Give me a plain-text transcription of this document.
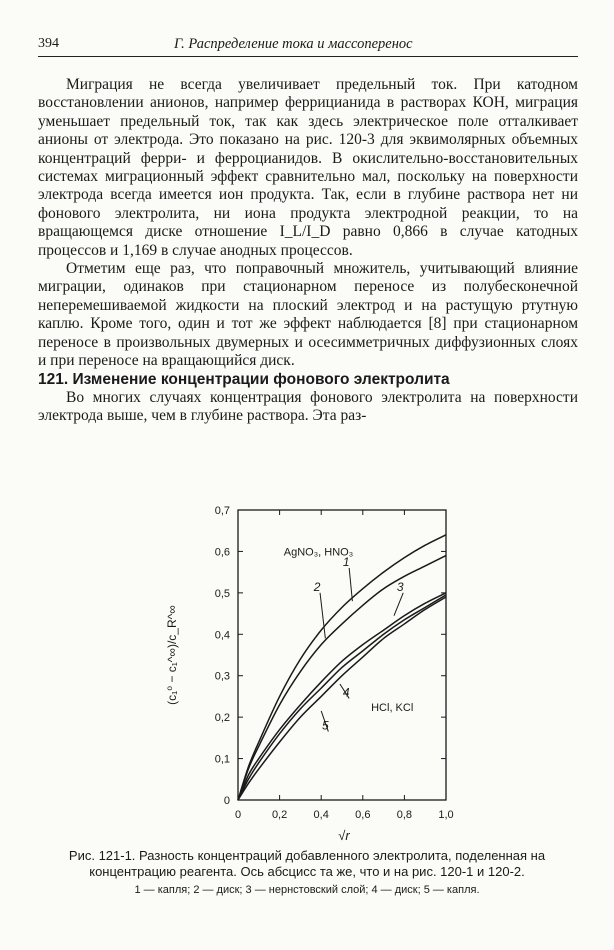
394	Г. Распределение тока и массоперенос

Миграция не всегда увеличивает предельный ток. При катодном восстановлении анионов, например феррицианида в растворах КОН, миграция уменьшает предельный ток, так как здесь электрическое поле отталкивает анионы от электрода. Это показано на рис. 120-3 для эквимолярных объемных концентраций ферри- и ферроцианидов. В окислительно-восстановительных системах миграционный эффект сравнительно мал, поскольку на поверхности электрода всегда имеется ион продукта. Так, если в глубине раствора нет ни фонового электролита, ни иона продукта электродной реакции, то на вращающемся диске отношение I_L/I_D равно 0,866 в случае катодных процессов и 1,169 в случае анодных процессов.

Отметим еще раз, что поправочный множитель, учитывающий влияние миграции, одинаков при стационарном переносе из полубесконечной неперемешиваемой жидкости на плоский электрод и на растущую ртутную каплю. Кроме того, один и тот же эффект наблюдается [8] при стационарном переносе в произвольных двумерных и осесимметричных диффузионных слоях и при переносе на вращающийся диск.

121. Изменение концентрации фонового электролита

Во многих случаях концентрация фонового электролита на поверхности электрода выше, чем в глубине раствора. Эта раз-

0
0,1
0,2
0,3
0,4
0,5
0,6
0,7
0	0,2 0,4 0,6 0,8 1,0
√r
(c₁⁰ − c₁^∞)/c_R^∞
AgNO₃, HNO₃
HCl, KCl
1
2	3
4
5
Рис. 121-1. Разность концентраций добавленного электролита, поделенная на концентрацию реагента. Ось абсцисс та же, что и на рис. 120-1 и 120-2.
1 — капля; 2 — диск; 3 — нернстовский слой; 4 — диск; 5 — капля.
